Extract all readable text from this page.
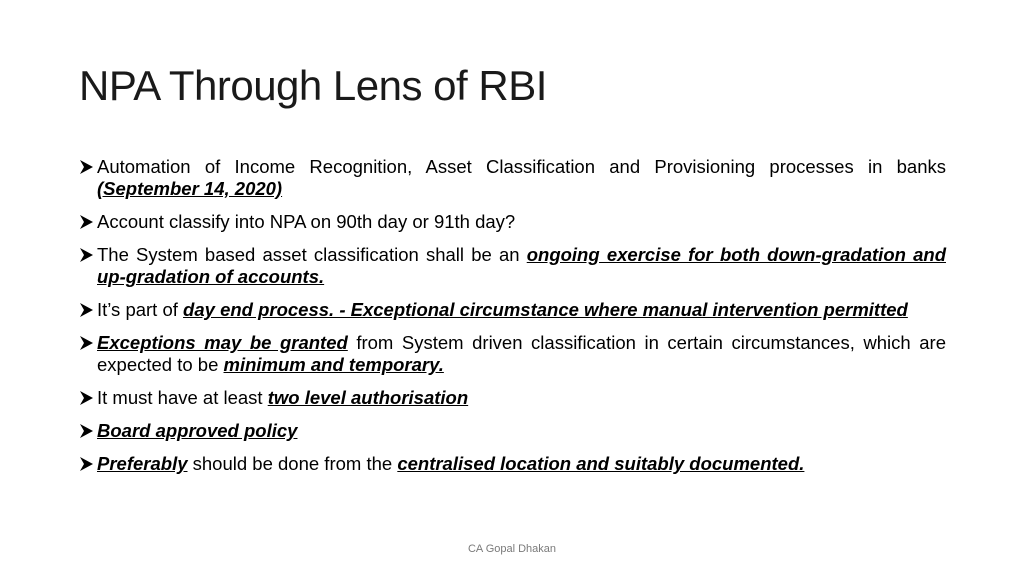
NPA Through Lens of RBI
Automation of Income Recognition, Asset Classification and Provisioning processes in banks (September 14, 2020)
Account classify into NPA on 90th day or 91th day?
The System based asset classification shall be an ongoing exercise for both down-gradation and up-gradation of accounts.
It’s part of day end process. - Exceptional circumstance where manual intervention permitted
Exceptions may be granted from System driven classification in certain circumstances, which are expected to be minimum and temporary.
It must have at least two level authorisation
Board approved policy
Preferably should be done from the centralised location and suitably documented.
CA Gopal Dhakan
